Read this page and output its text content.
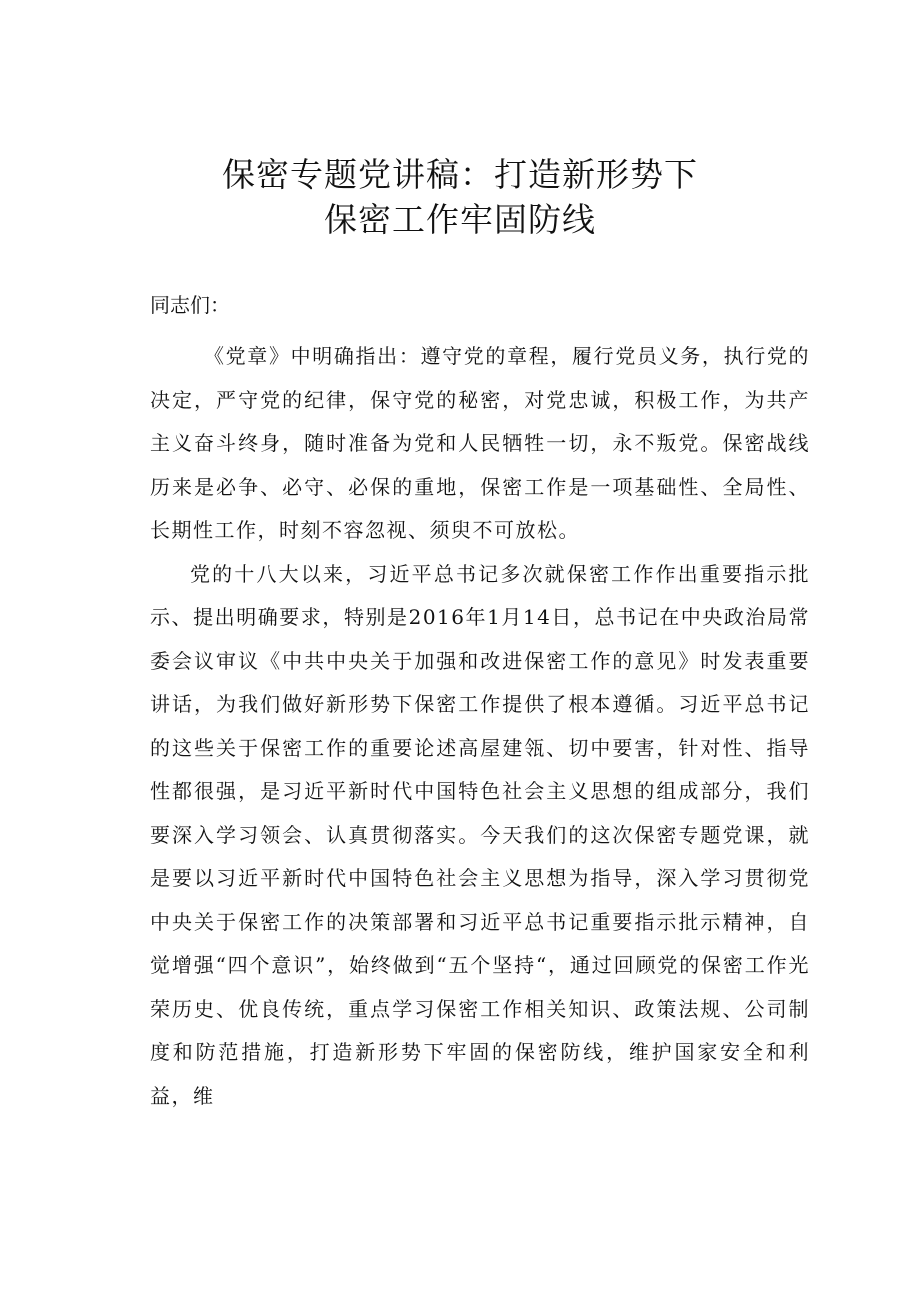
保密专题党讲稿：打造新形势下
保密工作牢固防线

同志们：

《党章》中明确指出：遵守党的章程，履行党员义务，执行党的决定，严守党的纪律，保守党的秘密，对党忠诚，积极工作，为共产主义奋斗终身，随时准备为党和人民牺牲一切，永不叛党。保密战线历来是必争、必守、必保的重地，保密工作是一项基础性、全局性、长期性工作，时刻不容忽视、须臾不可放松。

党的十八大以来，习近平总书记多次就保密工作作出重要指示批示、提出明确要求，特别是2016年1月14日，总书记在中央政治局常委会议审议《中共中央关于加强和改进保密工作的意见》时发表重要讲话，为我们做好新形势下保密工作提供了根本遵循。习近平总书记的这些关于保密工作的重要论述高屋建瓴、切中要害，针对性、指导性都很强，是习近平新时代中国特色社会主义思想的组成部分，我们要深入学习领会、认真贯彻落实。今天我们的这次保密专题党课，就是要以习近平新时代中国特色社会主义思想为指导，深入学习贯彻党中央关于保密工作的决策部署和习近平总书记重要指示批示精神，自觉增强“四个意识”，始终做到“五个坚持“，通过回顾党的保密工作光荣历史、优良传统，重点学习保密工作相关知识、政策法规、公司制度和防范措施，打造新形势下牢固的保密防线，维护国家安全和利益，维
